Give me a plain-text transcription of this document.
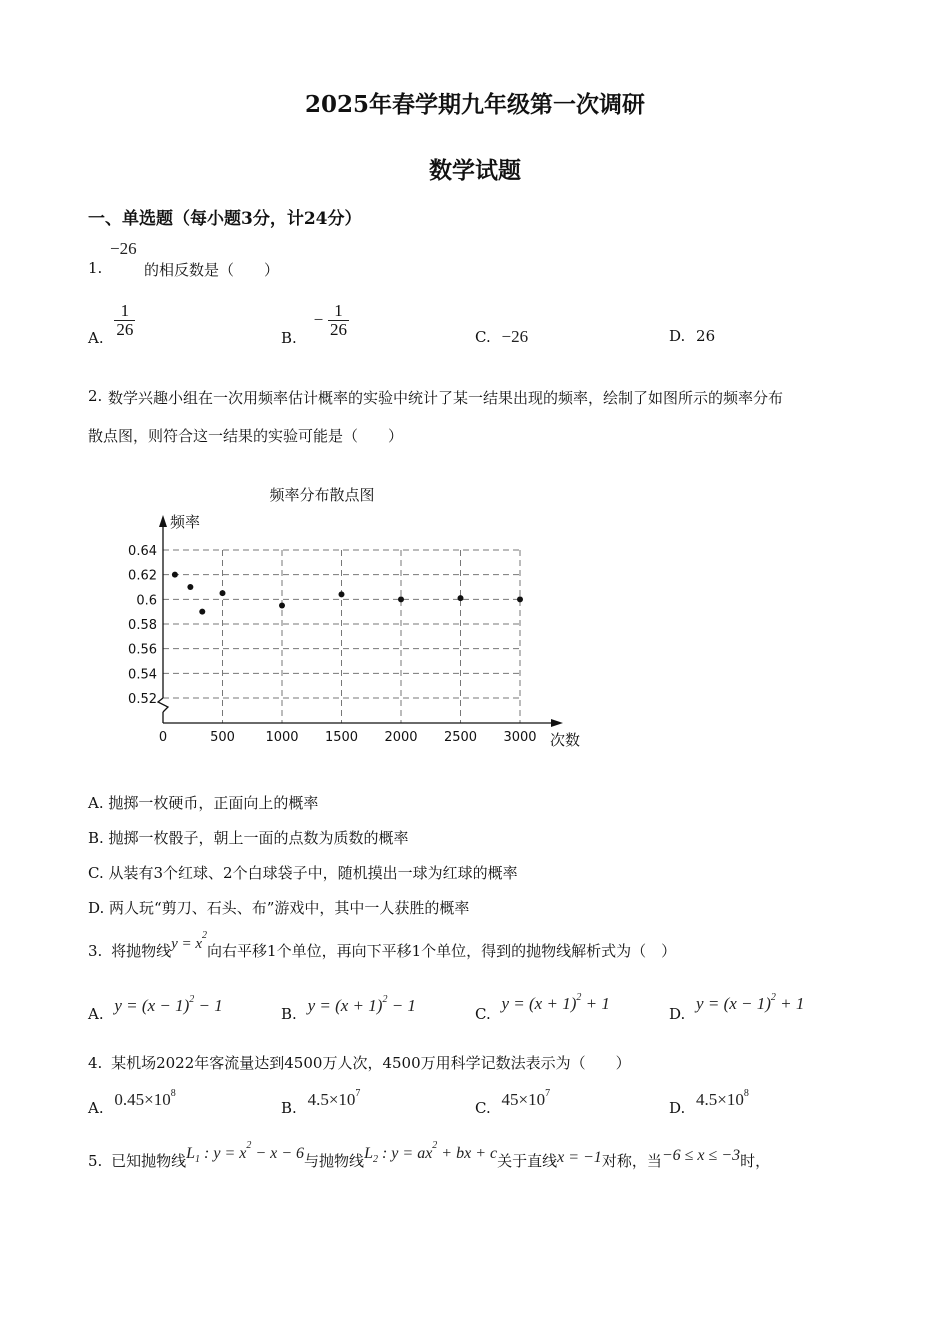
2025年春学期九年级第一次调研
数学试题
一、单选题（每小题3分，计24分）
−26
1.	的相反数是（　　）
A. $\frac{1}{26}$	B. − $\frac{1}{26}$	C. −26	D. 26
2. 数学兴趣小组在一次用频率估计概率的实验中统计了某一结果出现的频率，绘制了如图所示的频率分布
散点图，则符合这一结果的实验可能是（　　）
频率分布散点图
0.52
0.54
0.56
0.58
0.6
0.62
0.64
0	500 1000 1500 2000 2500 3000
频率
次数
A. 抛掷一枚硬币，正面向上的概率
B. 抛掷一枚骰子，朝上一面的点数为质数的概率
C. 从装有3个红球、2个白球袋子中，随机摸出一球为红球的概率
D. 两人玩“剪刀、石头、布”游戏中，其中一人获胜的概率
3. 将抛物线$y = x^2$向右平移1个单位，再向下平移1个单位，得到的抛物线解析式为（　）
A. $y = (x - 1)^2 - 1$	B. $y = (x + 1)^2 - 1$	C. $y = (x + 1)^2 + 1$
D. $y = (x - 1)^2 + 1$
4. 某机场2022年客流量达到4500万人次，4500万用科学记数法表示为（　　）
A. $0.45\times 10^8$
B. $4.5\times 10^7$
C. $45\times 10^7$
D. $4.5\times 10^8$
5. 已知抛物线$L_1$ : $y = x^2 - x - 6$与抛物线$L_2$ : $y = ax^2$ + bx + c关于直线x = −1对称，当−6 ≤ x ≤ −3时，
